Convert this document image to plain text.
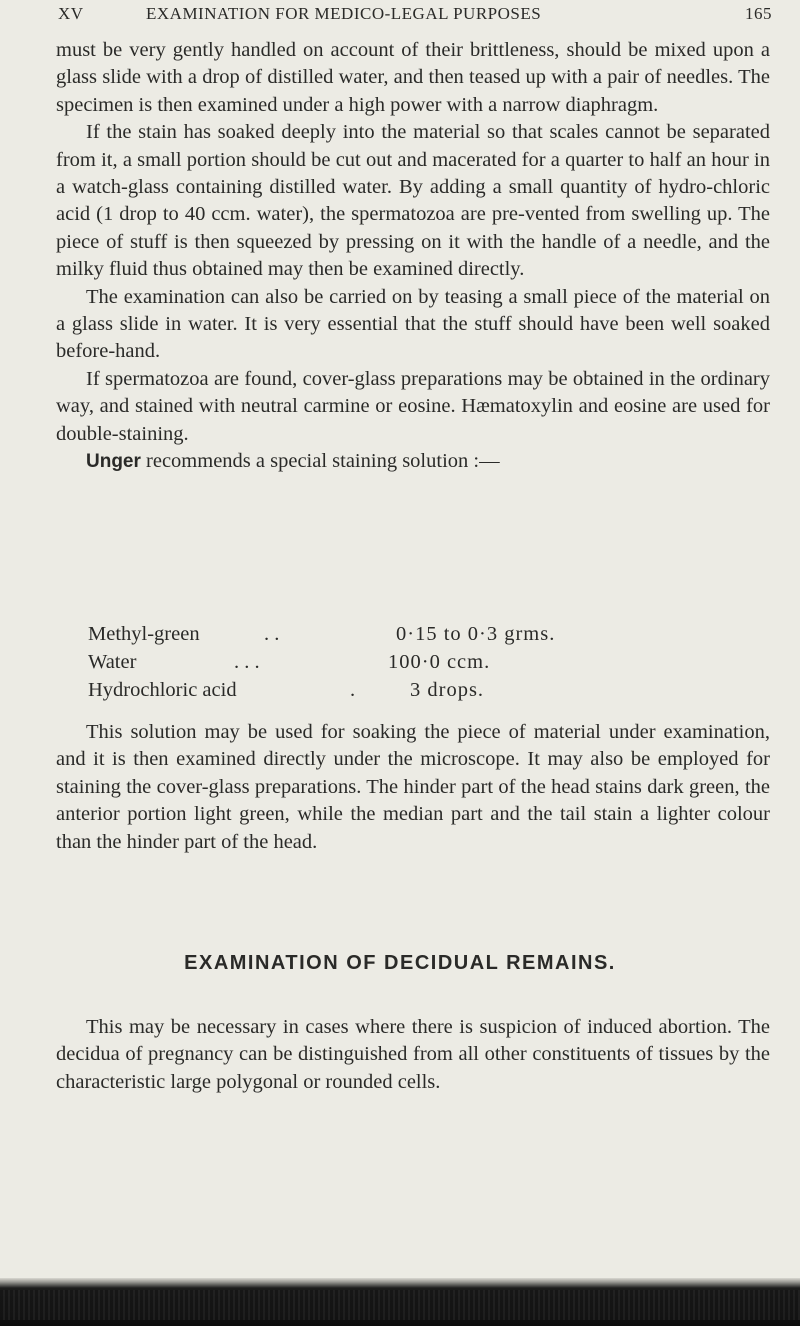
XV	EXAMINATION FOR MEDICO-LEGAL PURPOSES	165

must be very gently handled on account of their brittleness, should be mixed upon a glass slide with a drop of distilled water, and then teased up with a pair of needles. The specimen is then examined under a high power with a narrow diaphragm.

If the stain has soaked deeply into the material so that scales cannot be separated from it, a small portion should be cut out and macerated for a quarter to half an hour in a watch-glass containing distilled water. By adding a small quantity of hydro-chloric acid (1 drop to 40 ccm. water), the spermatozoa are pre-vented from swelling up. The piece of stuff is then squeezed by pressing on it with the handle of a needle, and the milky fluid thus obtained may then be examined directly.

The examination can also be carried on by teasing a small piece of the material on a glass slide in water. It is very essential that the stuff should have been well soaked before-hand.

If spermatozoa are found, cover-glass preparations may be obtained in the ordinary way, and stained with neutral carmine or eosine. Hæmatoxylin and eosine are used for double-staining.

Unger recommends a special staining solution :—

Methyl-green	. .	0·15 to 0·3 grms.
Water	. . .	100·0 ccm.
Hydrochloric acid	.	3 drops.

This solution may be used for soaking the piece of material under examination, and it is then examined directly under the microscope. It may also be employed for staining the cover-glass preparations. The hinder part of the head stains dark green, the anterior portion light green, while the median part and the tail stain a lighter colour than the hinder part of the head.

EXAMINATION OF DECIDUAL REMAINS.

This may be necessary in cases where there is suspicion of induced abortion. The decidua of pregnancy can be distinguished from all other constituents of tissues by the characteristic large polygonal or rounded cells.
